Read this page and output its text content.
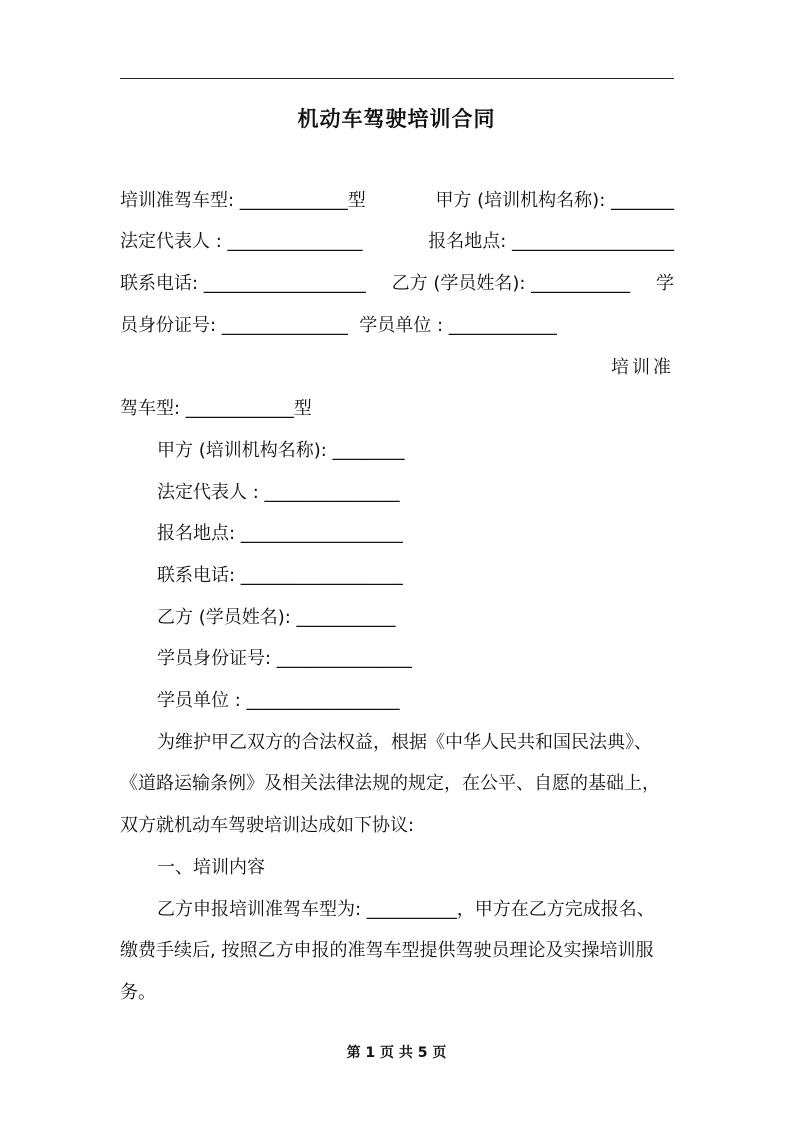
机动车驾驶培训合同
培训准驾车型: ____________型	甲方 (培训机构名称): _______
法定代表人 : _______________	报名地点: __________________
联系电话: __________________ 乙方 (学员姓名): ___________ 学

员身份证号: ______________  学员单位 : ____________

培训准

驾车型: ____________型

甲方 (培训机构名称): ________

法定代表人 : _______________

报名地点: __________________

联系电话: __________________

乙方 (学员姓名): ___________

学员身份证号: _______________

学员单位 : _________________

为维护甲乙双方的合法权益，根据《中华人民共和国民法典》、

《道路运输条例》及相关法律法规的规定，在公平、自愿的基础上，

双方就机动车驾驶培训达成如下协议:

一、培训内容

乙方申报培训准驾车型为: __________，甲方在乙方完成报名、

缴费手续后, 按照乙方申报的准驾车型提供驾驶员理论及实操培训服

务。

第 1 页 共 5 页
